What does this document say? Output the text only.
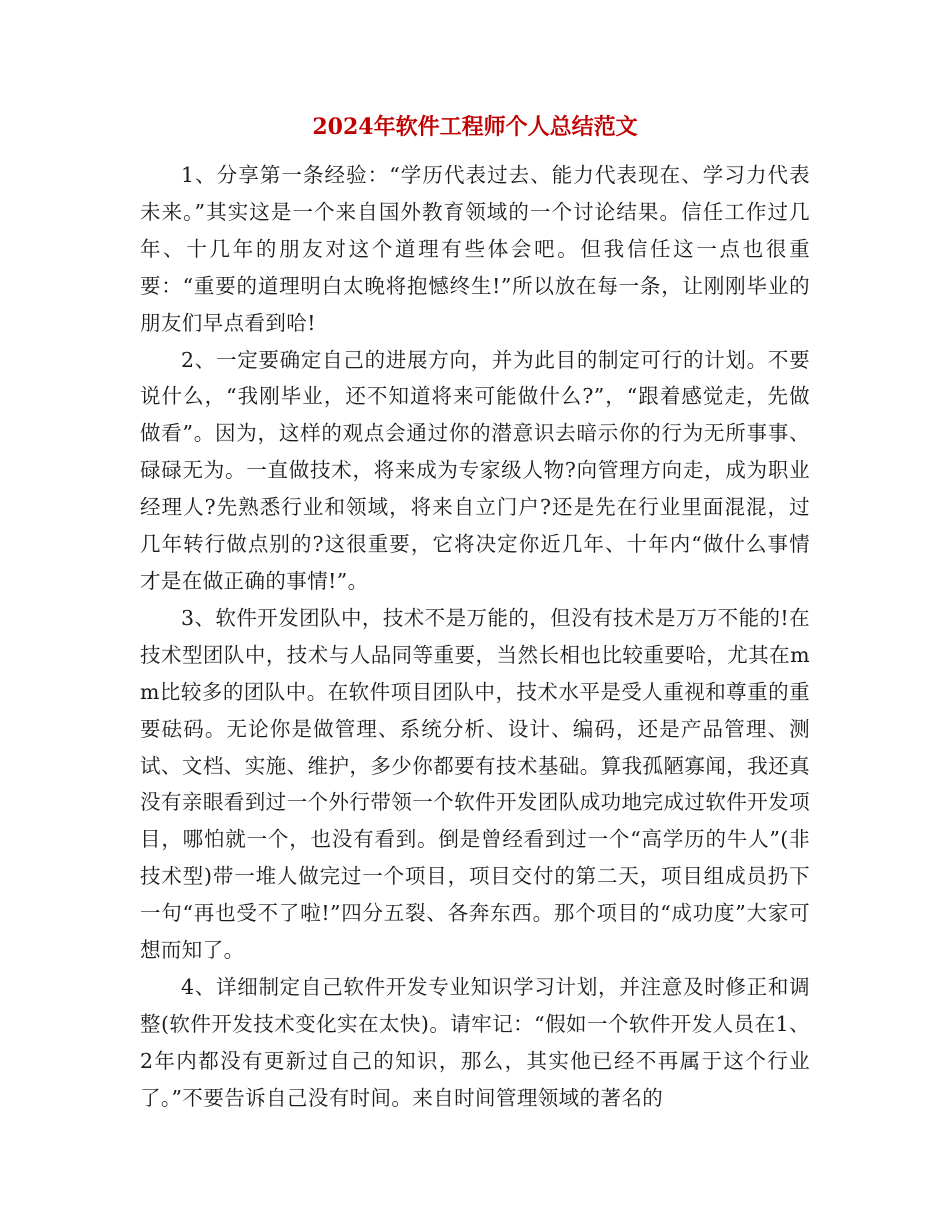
2024年软件工程师个人总结范文

1、分享第一条经验：“学历代表过去、能力代表现在、学习力代表未来。”其实这是一个来自国外教育领域的一个讨论结果。信任工作过几年、十几年的朋友对这个道理有些体会吧。但我信任这一点也很重要：“重要的道理明白太晚将抱憾终生!”所以放在每一条，让刚刚毕业的朋友们早点看到哈!

2、一定要确定自己的进展方向，并为此目的制定可行的计划。不要说什么，“我刚毕业，还不知道将来可能做什么?”，“跟着感觉走，先做做看”。因为，这样的观点会通过你的潜意识去暗示你的行为无所事事、碌碌无为。一直做技术，将来成为专家级人物?向管理方向走，成为职业经理人?先熟悉行业和领域，将来自立门户?还是先在行业里面混混，过几年转行做点别的?这很重要，它将决定你近几年、十年内“做什么事情才是在做正确的事情!”。

3、软件开发团队中，技术不是万能的，但没有技术是万万不能的!在技术型团队中，技术与人品同等重要，当然长相也比较重要哈，尤其在mm比较多的团队中。在软件项目团队中，技术水平是受人重视和尊重的重要砝码。无论你是做管理、系统分析、设计、编码，还是产品管理、测试、文档、实施、维护，多少你都要有技术基础。算我孤陋寡闻，我还真没有亲眼看到过一个外行带领一个软件开发团队成功地完成过软件开发项目，哪怕就一个，也没有看到。倒是曾经看到过一个“高学历的牛人”(非技术型)带一堆人做完过一个项目，项目交付的第二天，项目组成员扔下一句“再也受不了啦!”四分五裂、各奔东西。那个项目的“成功度”大家可想而知了。

4、详细制定自己软件开发专业知识学习计划，并注意及时修正和调整(软件开发技术变化实在太快)。请牢记：“假如一个软件开发人员在1、2年内都没有更新过自己的知识，那么，其实他已经不再属于这个行业了。”不要告诉自己没有时间。来自时间管理领域的著名的
